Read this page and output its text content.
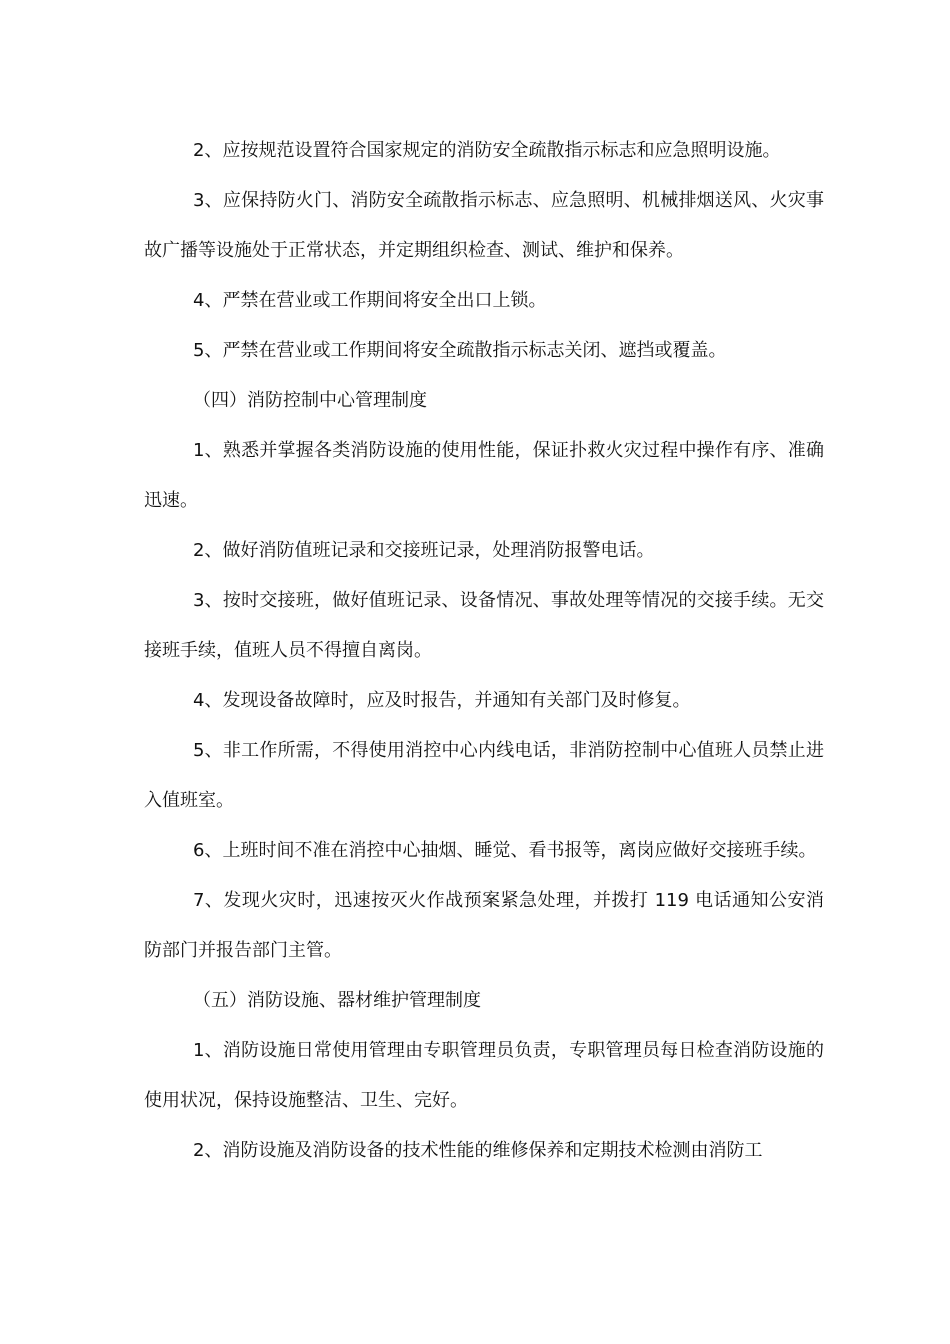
2、应按规范设置符合国家规定的消防安全疏散指示标志和应急照明设施。

3、应保持防火门、消防安全疏散指示标志、应急照明、机械排烟送风、火灾事故广播等设施处于正常状态，并定期组织检查、测试、维护和保养。

4、严禁在营业或工作期间将安全出口上锁。

5、严禁在营业或工作期间将安全疏散指示标志关闭、遮挡或覆盖。

（四）消防控制中心管理制度

1、熟悉并掌握各类消防设施的使用性能，保证扑救火灾过程中操作有序、准确迅速。

2、做好消防值班记录和交接班记录，处理消防报警电话。

3、按时交接班，做好值班记录、设备情况、事故处理等情况的交接手续。无交接班手续，值班人员不得擅自离岗。

4、发现设备故障时，应及时报告，并通知有关部门及时修复。

5、非工作所需，不得使用消控中心内线电话，非消防控制中心值班人员禁止进入值班室。

6、上班时间不准在消控中心抽烟、睡觉、看书报等，离岗应做好交接班手续。

7、发现火灾时，迅速按灭火作战预案紧急处理，并拨打 119 电话通知公安消防部门并报告部门主管。

（五）消防设施、器材维护管理制度

1、消防设施日常使用管理由专职管理员负责，专职管理员每日检查消防设施的使用状况，保持设施整洁、卫生、完好。

2、消防设施及消防设备的技术性能的维修保养和定期技术检测由消防工
